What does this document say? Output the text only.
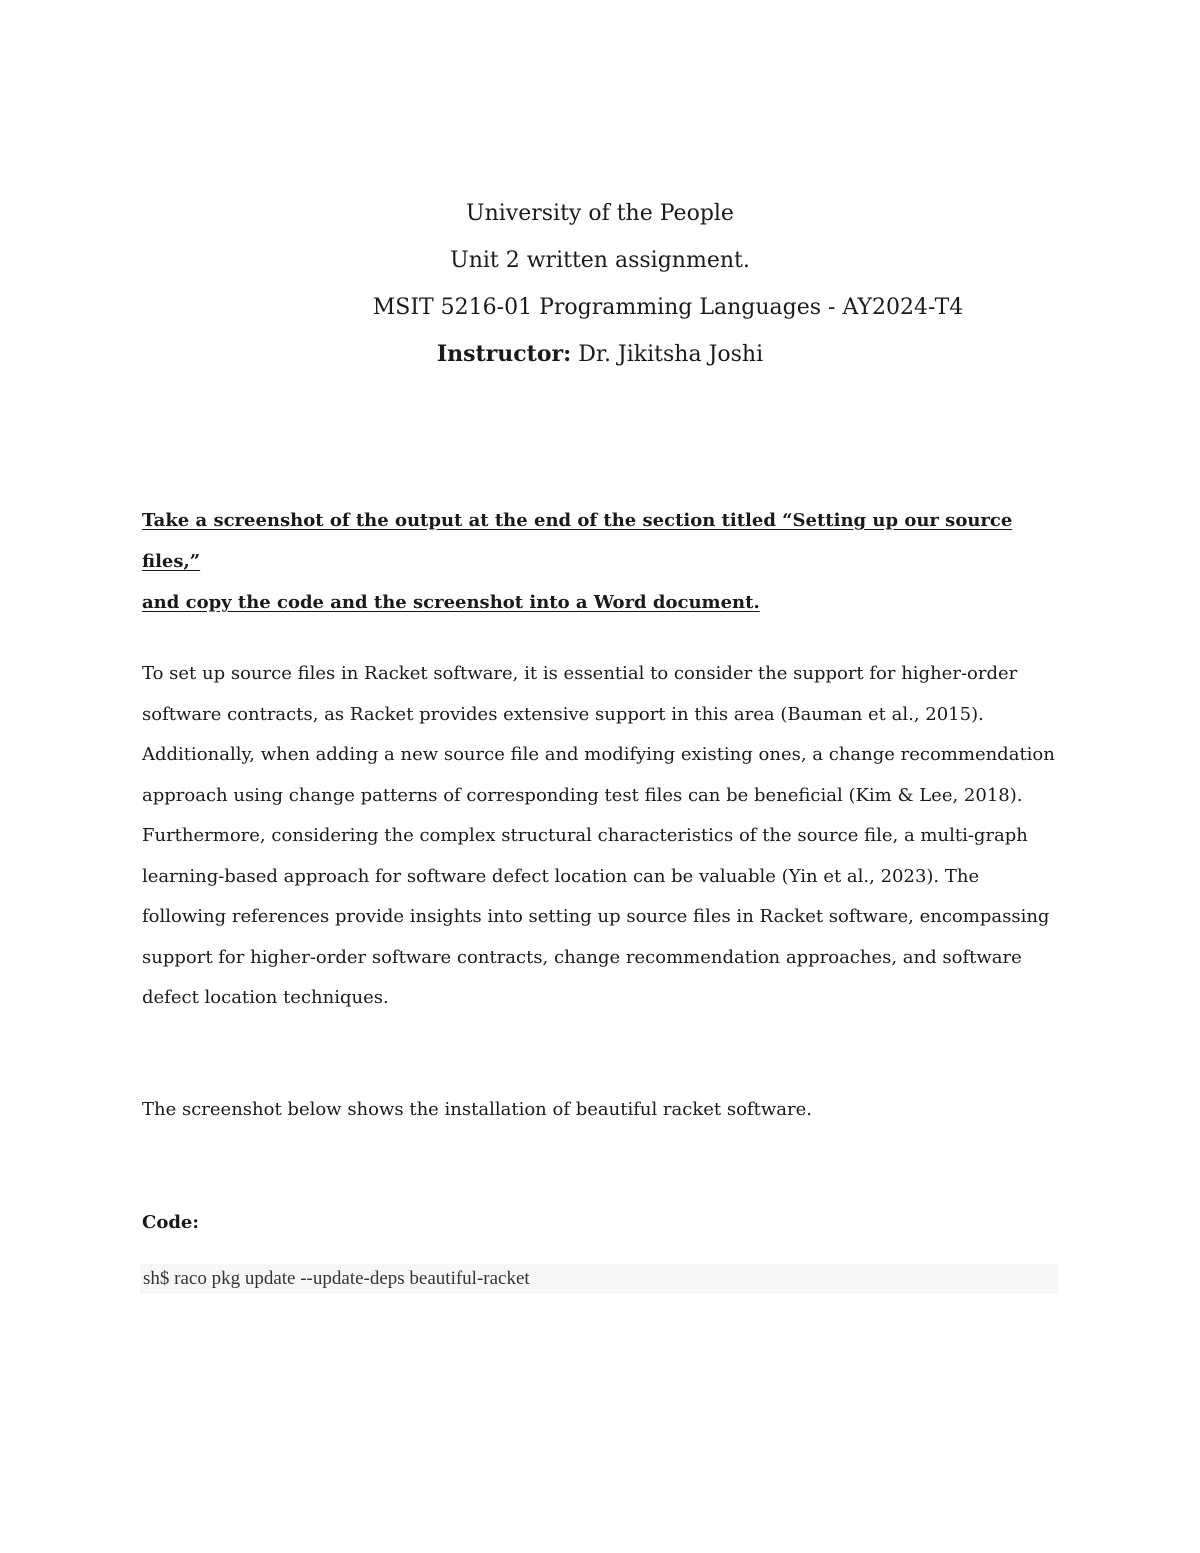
University of the People
Unit 2 written assignment.
MSIT 5216-01 Programming Languages - AY2024-T4
Instructor: Dr. Jikitsha Joshi
Take a screenshot of the output at the end of the section titled “Setting up our source files,”
and copy the code and the screenshot into a Word document.
To set up source files in Racket software, it is essential to consider the support for higher-order software contracts, as Racket provides extensive support in this area (Bauman et al., 2015). Additionally, when adding a new source file and modifying existing ones, a change recommendation approach using change patterns of corresponding test files can be beneficial (Kim & Lee, 2018). Furthermore, considering the complex structural characteristics of the source file, a multi-graph learning-based approach for software defect location can be valuable (Yin et al., 2023). The following references provide insights into setting up source files in Racket software, encompassing support for higher-order software contracts, change recommendation approaches, and software defect location techniques.
The screenshot below shows the installation of beautiful racket software.
Code:
sh$ raco pkg update --update-deps beautiful-racket
